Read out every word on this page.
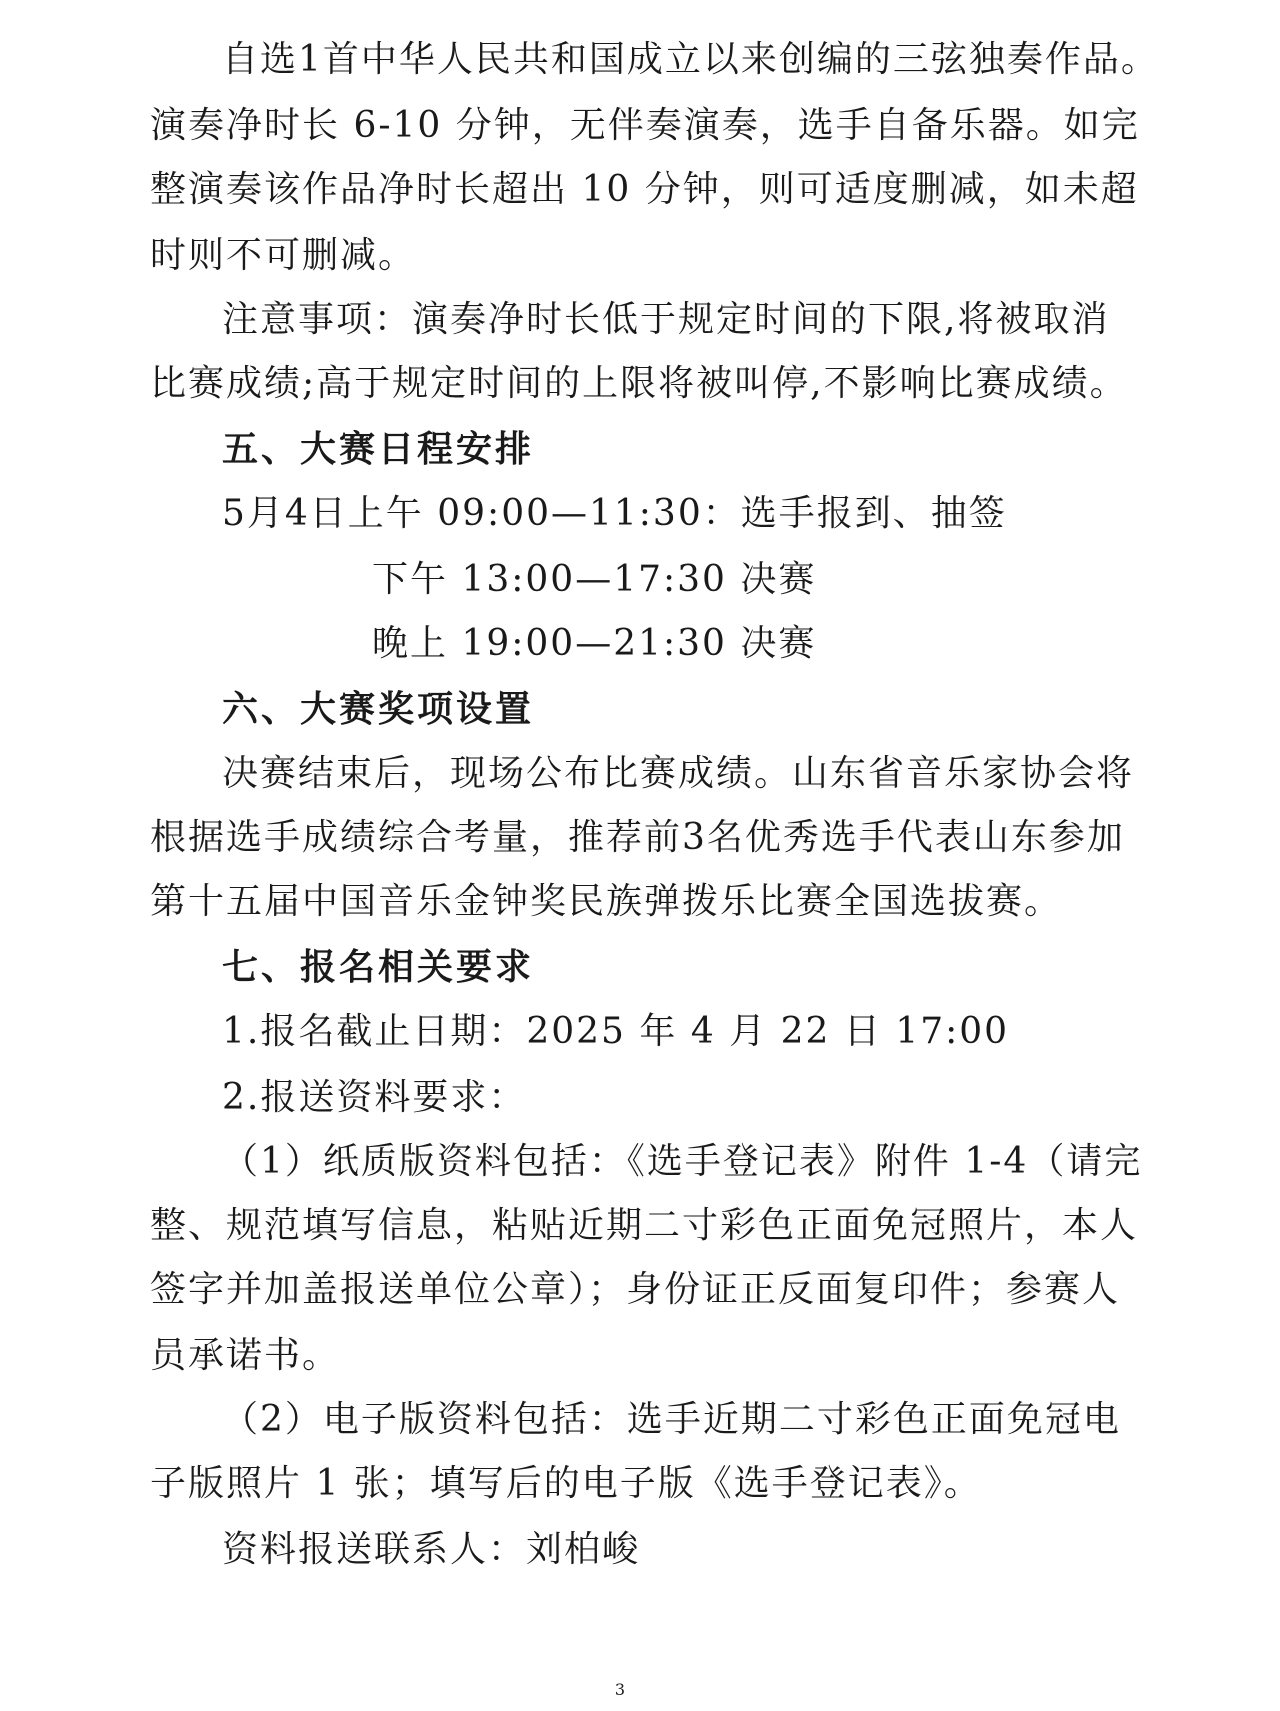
自选1首中华人民共和国成立以来创编的三弦独奏作品。
演奏净时长 6-10 分钟，无伴奏演奏，选手自备乐器。如完
整演奏该作品净时长超出 10 分钟，则可适度删减，如未超
时则不可删减。
注意事项：演奏净时长低于规定时间的下限,将被取消
比赛成绩;高于规定时间的上限将被叫停,不影响比赛成绩。
五、大赛日程安排
5月4日上午 09:00—11:30：选手报到、抽签
下午 13:00—17:30 决赛
晚上 19:00—21:30 决赛
六、大赛奖项设置
决赛结束后，现场公布比赛成绩。山东省音乐家协会将
根据选手成绩综合考量，推荐前3名优秀选手代表山东参加
第十五届中国音乐金钟奖民族弹拨乐比赛全国选拔赛。
七、报名相关要求
1.报名截止日期：2025 年 4 月 22 日 17:00
2.报送资料要求：
（1）纸质版资料包括：《选手登记表》附件 1-4（请完
整、规范填写信息，粘贴近期二寸彩色正面免冠照片，本人
签字并加盖报送单位公章）；身份证正反面复印件；参赛人
员承诺书。
（2）电子版资料包括：选手近期二寸彩色正面免冠电
子版照片 1 张；填写后的电子版《选手登记表》。
资料报送联系人：刘柏峻
3
